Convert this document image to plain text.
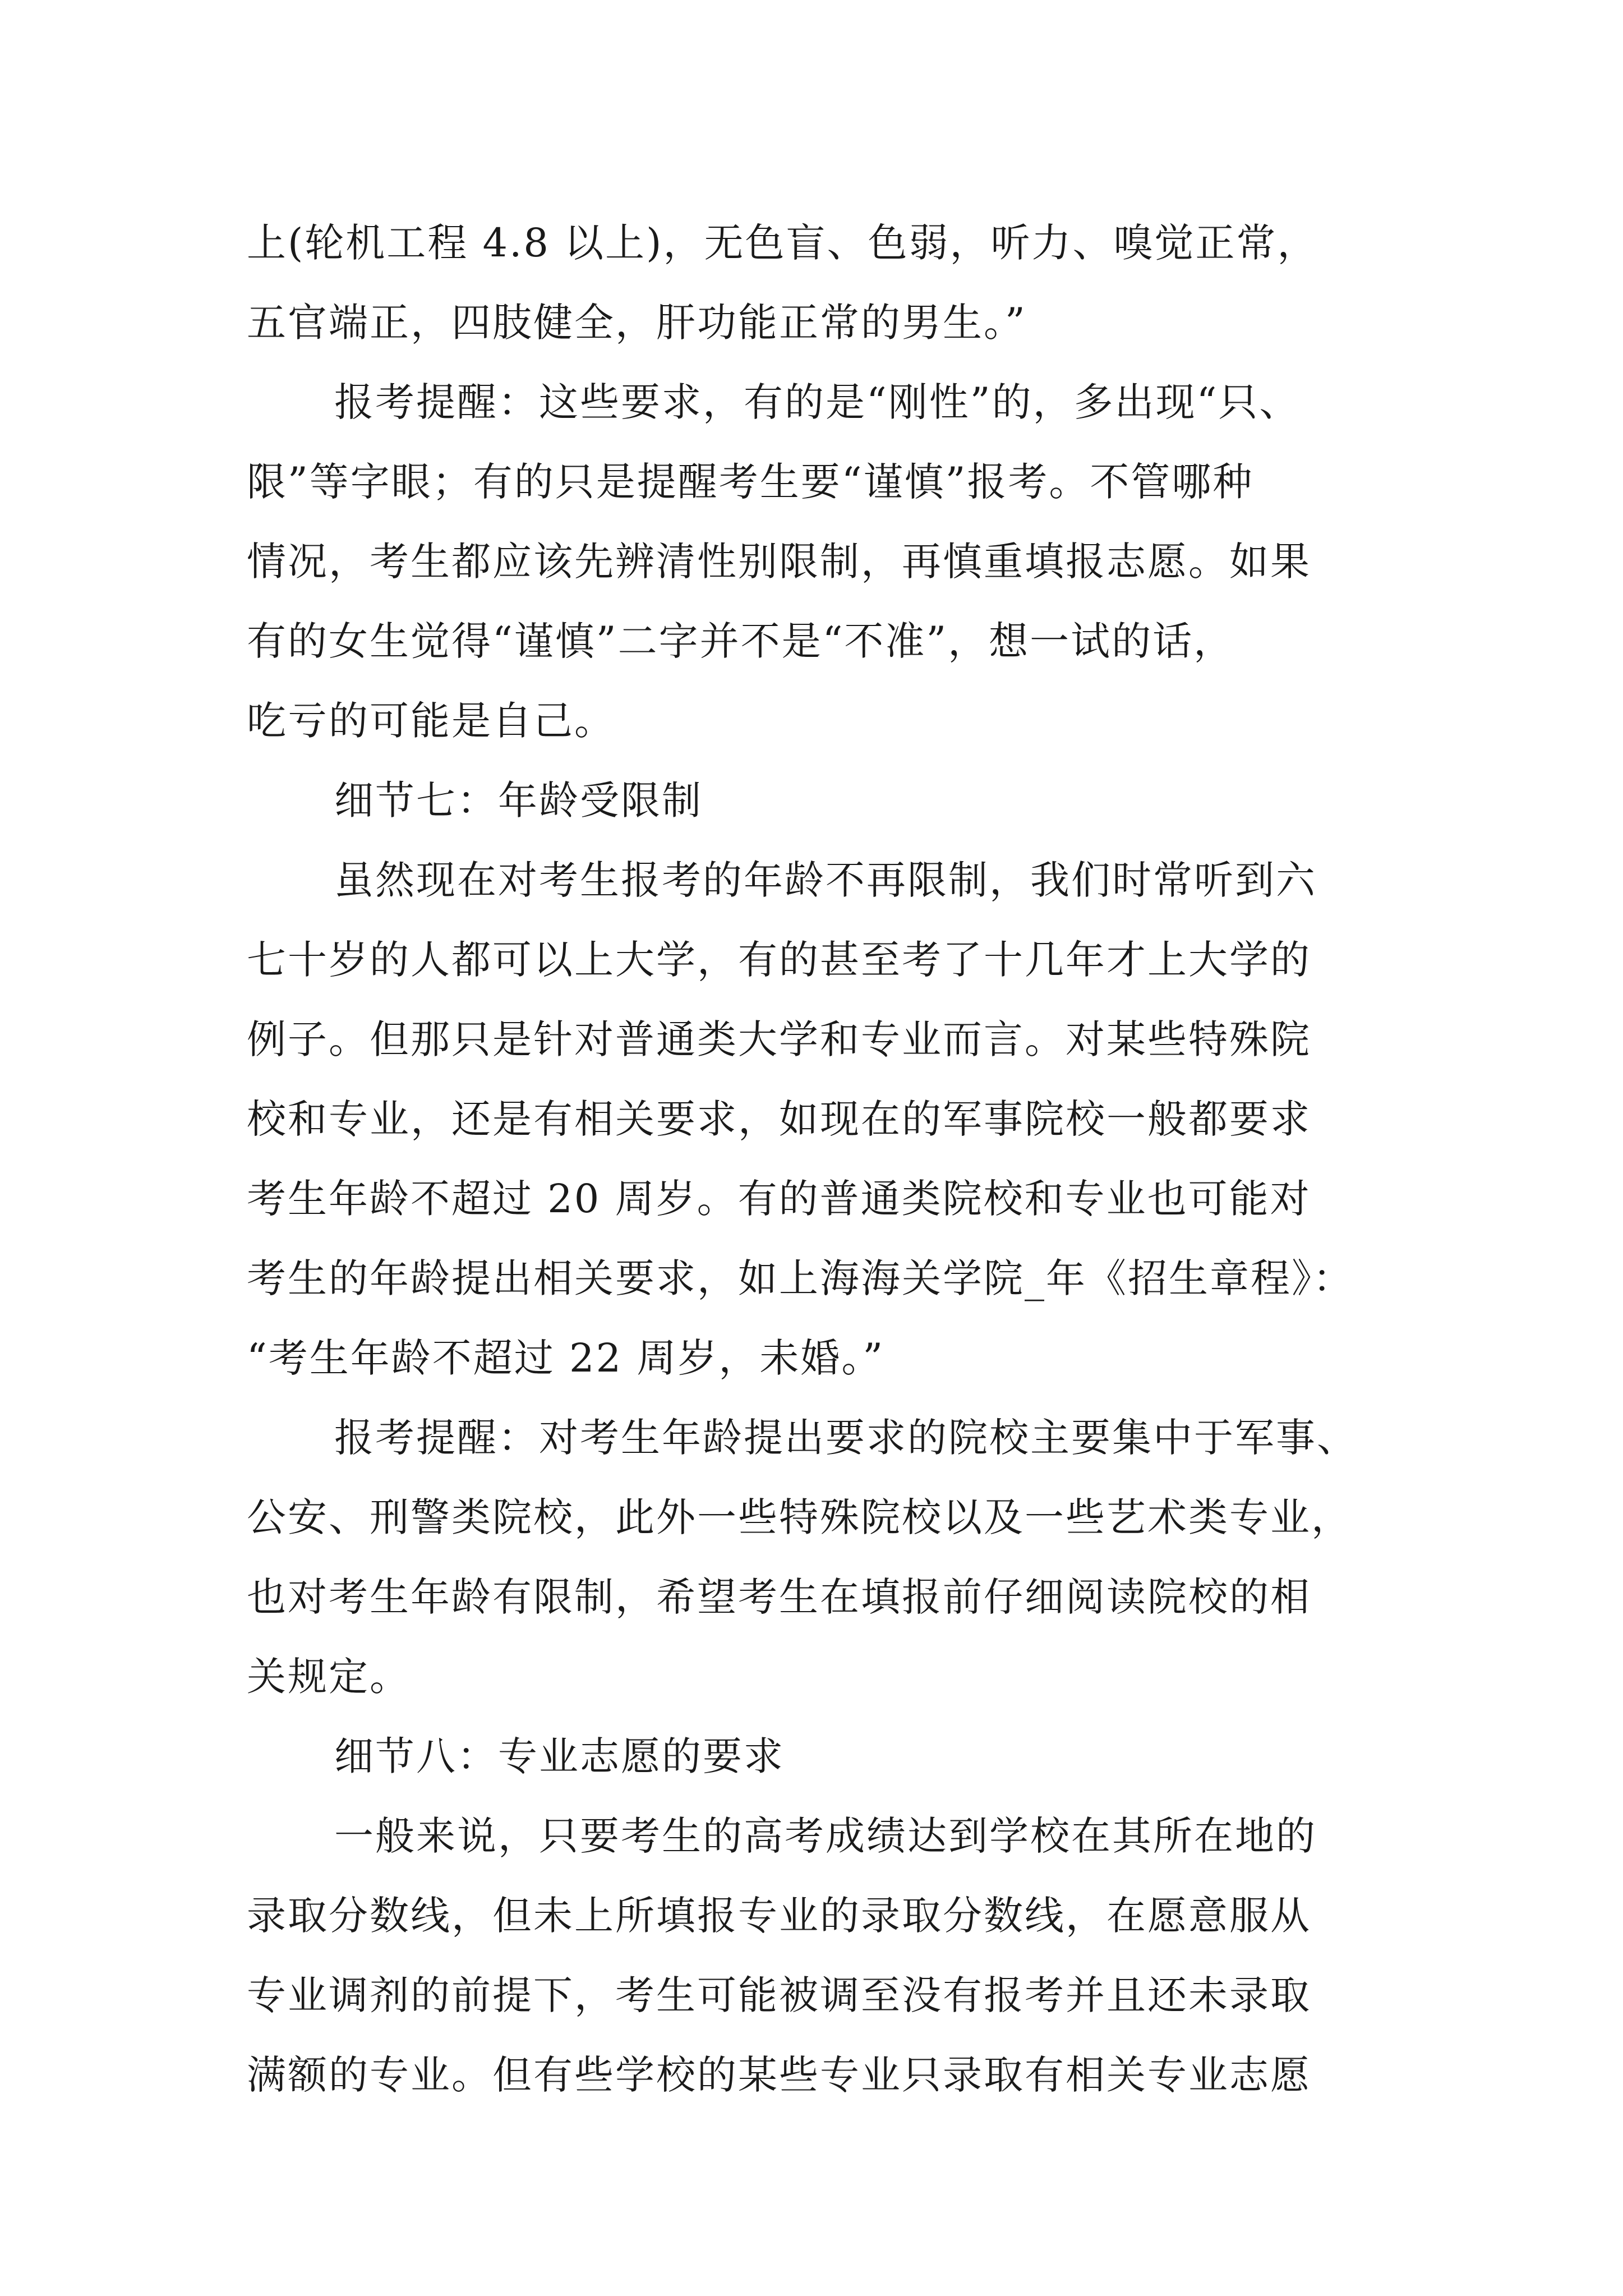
上(轮机工程 4.8 以上)，无色盲、色弱，听力、嗅觉正常，
五官端正，四肢健全，肝功能正常的男生。”
报考提醒：这些要求，有的是“刚性”的，多出现“只、
限”等字眼；有的只是提醒考生要“谨慎”报考。不管哪种
情况，考生都应该先辨清性别限制，再慎重填报志愿。如果
有的女生觉得“谨慎”二字并不是“不准”，想一试的话，
吃亏的可能是自己。
细节七：年龄受限制
虽然现在对考生报考的年龄不再限制，我们时常听到六
七十岁的人都可以上大学，有的甚至考了十几年才上大学的
例子。但那只是针对普通类大学和专业而言。对某些特殊院
校和专业，还是有相关要求，如现在的军事院校一般都要求
考生年龄不超过 20 周岁。有的普通类院校和专业也可能对
考生的年龄提出相关要求，如上海海关学院_年《招生章程》：
“考生年龄不超过 22 周岁，未婚。”
报考提醒：对考生年龄提出要求的院校主要集中于军事、
公安、刑警类院校，此外一些特殊院校以及一些艺术类专业，
也对考生年龄有限制，希望考生在填报前仔细阅读院校的相
关规定。
细节八：专业志愿的要求
一般来说，只要考生的高考成绩达到学校在其所在地的
录取分数线，但未上所填报专业的录取分数线，在愿意服从
专业调剂的前提下，考生可能被调至没有报考并且还未录取
满额的专业。但有些学校的某些专业只录取有相关专业志愿
